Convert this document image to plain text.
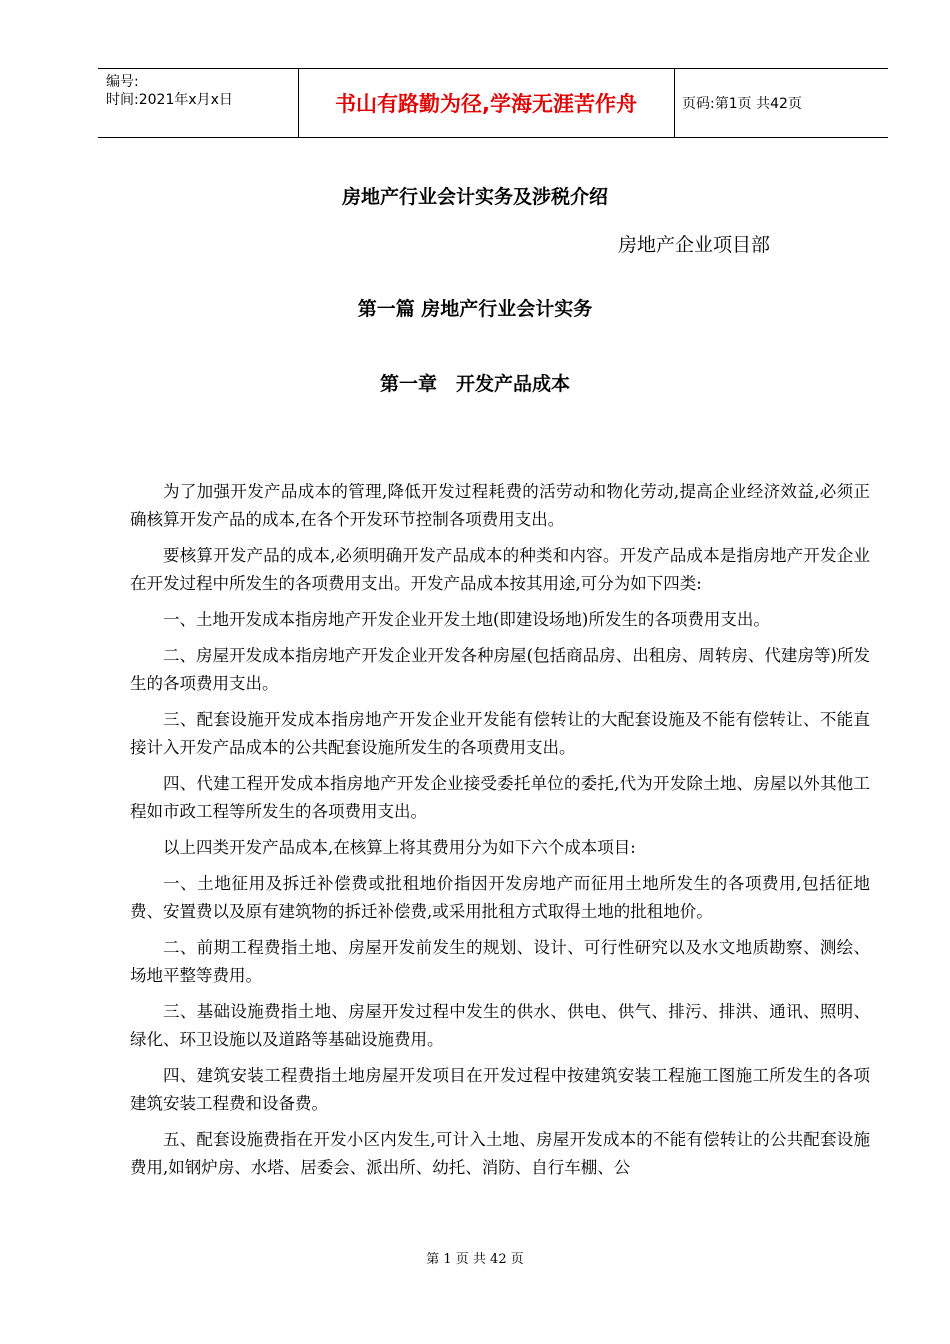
编号:
时间:2021年x月x日	书山有路勤为径,学海无涯苦作舟	页码:第1页 共42页
房地产行业会计实务及涉税介绍
房地产企业项目部
第一篇 房地产行业会计实务
第一章　开发产品成本

为了加强开发产品成本的管理,降低开发过程耗费的活劳动和物化劳动,提高企业经济效益,必须正确核算开发产品的成本,在各个开发环节控制各项费用支出。

要核算开发产品的成本,必须明确开发产品成本的种类和内容。开发产品成本是指房地产开发企业在开发过程中所发生的各项费用支出。开发产品成本按其用途,可分为如下四类:

一、土地开发成本指房地产开发企业开发土地(即建设场地)所发生的各项费用支出。

二、房屋开发成本指房地产开发企业开发各种房屋(包括商品房、出租房、周转房、代建房等)所发生的各项费用支出。

三、配套设施开发成本指房地产开发企业开发能有偿转让的大配套设施及不能有偿转让、不能直接计入开发产品成本的公共配套设施所发生的各项费用支出。

四、代建工程开发成本指房地产开发企业接受委托单位的委托,代为开发除土地、房屋以外其他工程如市政工程等所发生的各项费用支出。

以上四类开发产品成本,在核算上将其费用分为如下六个成本项目:

一、土地征用及拆迁补偿费或批租地价指因开发房地产而征用土地所发生的各项费用,包括征地费、安置费以及原有建筑物的拆迁补偿费,或采用批租方式取得土地的批租地价。

二、前期工程费指土地、房屋开发前发生的规划、设计、可行性研究以及水文地质勘察、测绘、场地平整等费用。

三、基础设施费指土地、房屋开发过程中发生的供水、供电、供气、排污、排洪、通讯、照明、绿化、环卫设施以及道路等基础设施费用。

四、建筑安装工程费指土地房屋开发项目在开发过程中按建筑安装工程施工图施工所发生的各项建筑安装工程费和设备费。

五、配套设施费指在开发小区内发生,可计入土地、房屋开发成本的不能有偿转让的公共配套设施费用,如钢炉房、水塔、居委会、派出所、幼托、消防、自行车棚、公

第 1 页 共 42 页
